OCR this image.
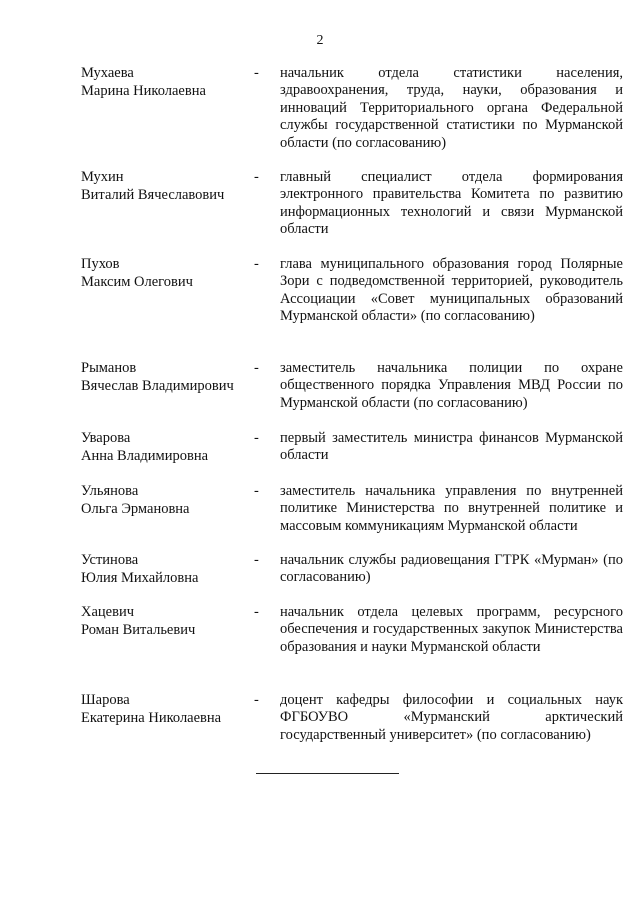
2
Мухаева
Марина Николаевна
- начальник отдела статистики населения, здравоохранения, труда, науки, образования и инноваций Территориального органа Федеральной службы государственной статистики по Мурманской области (по согласованию)
Мухин
Виталий Вячеславович
- главный специалист отдела формирования электронного правительства Комитета по развитию информационных технологий и связи Мурманской области
Пухов
Максим Олегович
- глава муниципального образования город Полярные Зори с подведомственной территорией, руководитель Ассоциации «Совет муниципальных образований Мурманской области» (по согласованию)
Рыманов
Вячеслав Владимирович
- заместитель начальника полиции по охране общественного порядка Управления МВД России по Мурманской области (по согласованию)
Уварова
Анна Владимировна
- первый заместитель министра финансов Мурманской области
Ульянова
Ольга Эрмановна
- заместитель начальника управления по внутренней политике Министерства по внутренней политике и массовым коммуникациям Мурманской области
Устинова
Юлия Михайловна
- начальник службы радиовещания ГТРК «Мурман» (по согласованию)
Хацевич
Роман Витальевич
- начальник отдела целевых программ, ресурсного обеспечения и государственных закупок Министерства образования и науки Мурманской области
Шарова
Екатерина Николаевна
- доцент кафедры философии и социальных наук ФГБОУВО «Мурманский арктический государственный университет» (по согласованию)
